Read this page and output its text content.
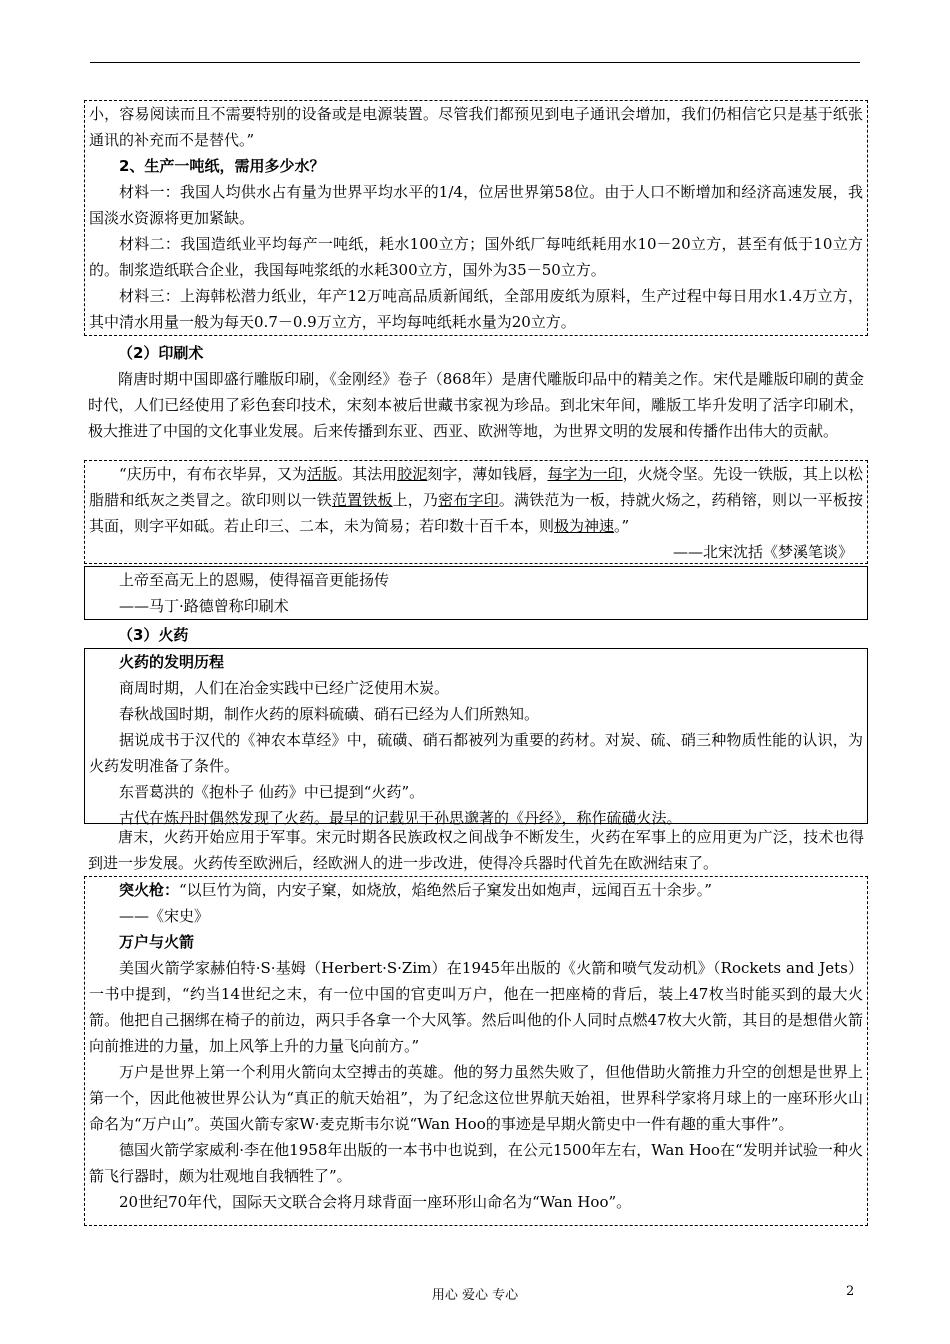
小，容易阅读而且不需要特别的设备或是电源装置。尽管我们都预见到电子通讯会增加，我们仍相信它只是基于纸张通讯的补充而不是替代。”

2、生产一吨纸，需用多少水？

材料一：我国人均供水占有量为世界平均水平的1/4，位居世界第58位。由于人口不断增加和经济高速发展，我国淡水资源将更加紧缺。

材料二：我国造纸业平均每产一吨纸，耗水100立方；国外纸厂每吨纸耗用水10－20立方，甚至有低于10立方的。制浆造纸联合企业，我国每吨浆纸的水耗300立方，国外为35－50立方。

材料三：上海韩松潜力纸业，年产12万吨高品质新闻纸，全部用废纸为原料，生产过程中每日用水1.4万立方，其中清水用量一般为每天0.7－0.9万立方，平均每吨纸耗水量为20立方。

（2）印刷术

隋唐时期中国即盛行雕版印刷，《金刚经》卷子（868年）是唐代雕版印品中的精美之作。宋代是雕版印刷的黄金时代，人们已经使用了彩色套印技术，宋刻本被后世藏书家视为珍品。到北宋年间，雕版工毕升发明了活字印刷术，极大推进了中国的文化事业发展。后来传播到东亚、西亚、欧洲等地，为世界文明的发展和传播作出伟大的贡献。

“庆历中，有布衣毕昇，又为活版。其法用胶泥刻字，薄如钱唇，每字为一印，火烧令坚。先设一铁版，其上以松脂腊和纸灰之类冒之。欲印则以一铁范置铁板上，乃密布字印。满铁范为一板，持就火炀之，药稍镕，则以一平板按其面，则字平如砥。若止印三、二本，未为简易；若印数十百千本，则极为神速。”

——北宋沈括《梦溪笔谈》

上帝至高无上的恩赐，使得福音更能扬传

——马丁·路德曾称印刷术

（3）火药

火药的发明历程

商周时期，人们在冶金实践中已经广泛使用木炭。

春秋战国时期，制作火药的原料硫磺、硝石已经为人们所熟知。

据说成书于汉代的《神农本草经》中，硫磺、硝石都被列为重要的药材。对炭、硫、硝三种物质性能的认识，为火药发明准备了条件。

东晋葛洪的《抱朴子 仙药》中已提到“火药”。

古代在炼丹时偶然发现了火药。最早的记载见于孙思邈著的《丹经》，称作硫磺火法。

唐末，火药开始应用于军事。宋元时期各民族政权之间战争不断发生，火药在军事上的应用更为广泛，技术也得到进一步发展。火药传至欧洲后，经欧洲人的进一步改进，使得冷兵器时代首先在欧洲结束了。

突火枪：“以巨竹为筒，内安子窠，如烧放，焰绝然后子窠发出如炮声，远闻百五十余步。”

——《宋史》

万户与火箭

美国火箭学家赫伯特·S·基姆（Herbert·S·Zim）在1945年出版的《火箭和喷气发动机》（Rockets and Jets）一书中提到，“约当14世纪之末，有一位中国的官吏叫万户，他在一把座椅的背后，装上47枚当时能买到的最大火箭。他把自己捆绑在椅子的前边，两只手各拿一个大风筝。然后叫他的仆人同时点燃47枚大火箭，其目的是想借火箭向前推进的力量，加上风筝上升的力量飞向前方。”

万户是世界上第一个利用火箭向太空搏击的英雄。他的努力虽然失败了，但他借助火箭推力升空的创想是世界上第一个，因此他被世界公认为“真正的航天始祖”，为了纪念这位世界航天始祖，世界科学家将月球上的一座环形火山命名为“万户山”。英国火箭专家W·麦克斯韦尔说“Wan Hoo的事迹是早期火箭史中一件有趣的重大事件”。

德国火箭学家威利·李在他1958年出版的一本书中也说到，在公元1500年左右，Wan Hoo在“发明并试验一种火箭飞行器时，颇为壮观地自我牺牲了”。

20世纪70年代，国际天文联合会将月球背面一座环形山命名为“Wan Hoo”。

用心 爱心 专心	2
